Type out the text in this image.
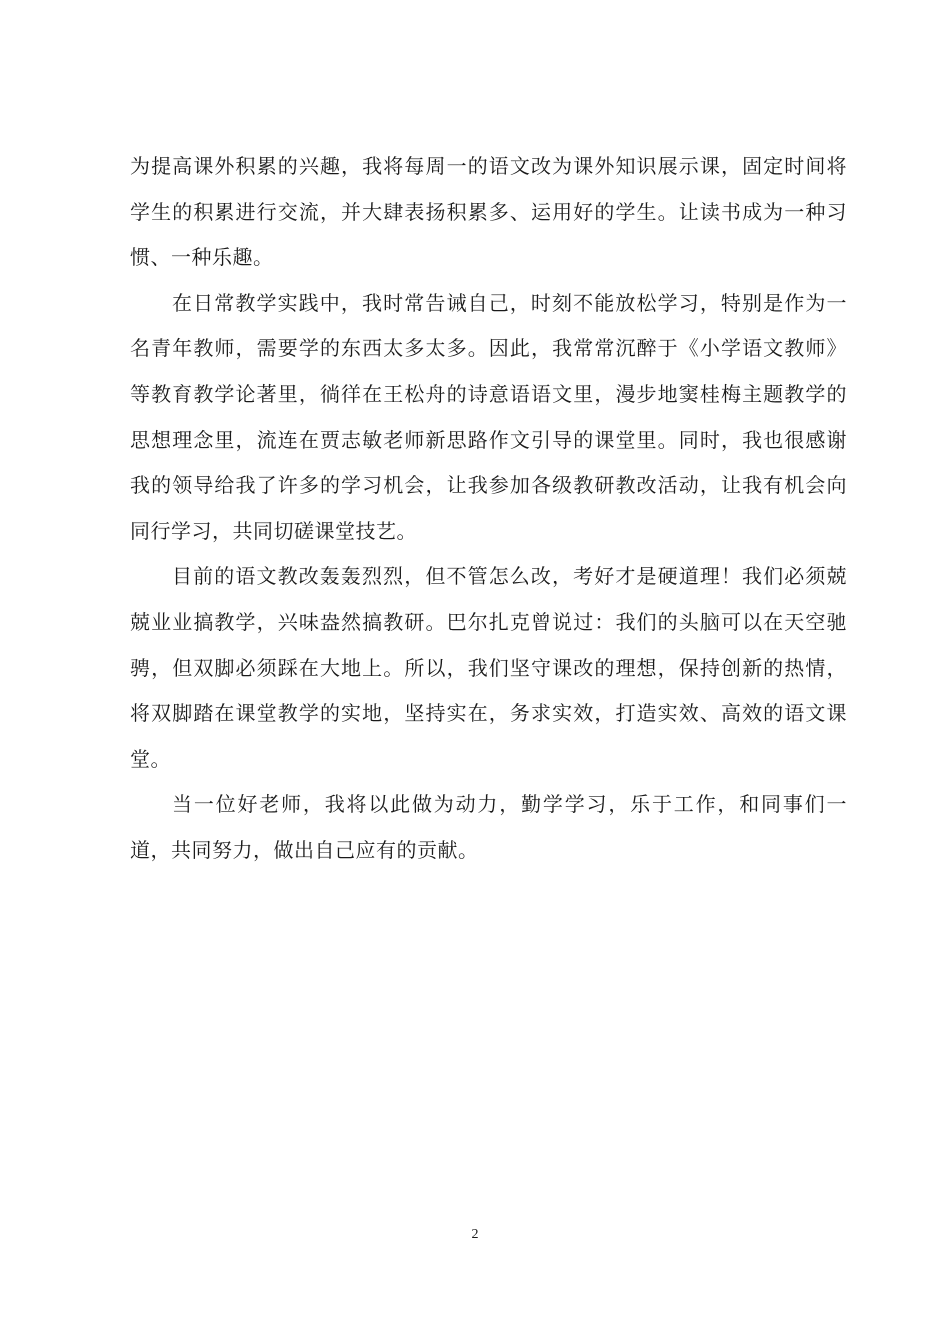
为提高课外积累的兴趣，我将每周一的语文改为课外知识展示课，固定时间将学生的积累进行交流，并大肆表扬积累多、运用好的学生。让读书成为一种习惯、一种乐趣。

在日常教学实践中，我时常告诫自己，时刻不能放松学习，特别是作为一名青年教师，需要学的东西太多太多。因此，我常常沉醉于《小学语文教师》等教育教学论著里，徜徉在王松舟的诗意语语文里，漫步地窦桂梅主题教学的思想理念里，流连在贾志敏老师新思路作文引导的课堂里。同时，我也很感谢我的领导给我了许多的学习机会，让我参加各级教研教改活动，让我有机会向同行学习，共同切磋课堂技艺。

目前的语文教改轰轰烈烈，但不管怎么改，考好才是硬道理！我们必须兢兢业业搞教学，兴味盎然搞教研。巴尔扎克曾说过：我们的头脑可以在天空驰骋，但双脚必须踩在大地上。所以，我们坚守课改的理想，保持创新的热情，将双脚踏在课堂教学的实地，坚持实在，务求实效，打造实效、高效的语文课堂。

当一位好老师，我将以此做为动力，勤学学习，乐于工作，和同事们一道，共同努力，做出自己应有的贡献。

2
